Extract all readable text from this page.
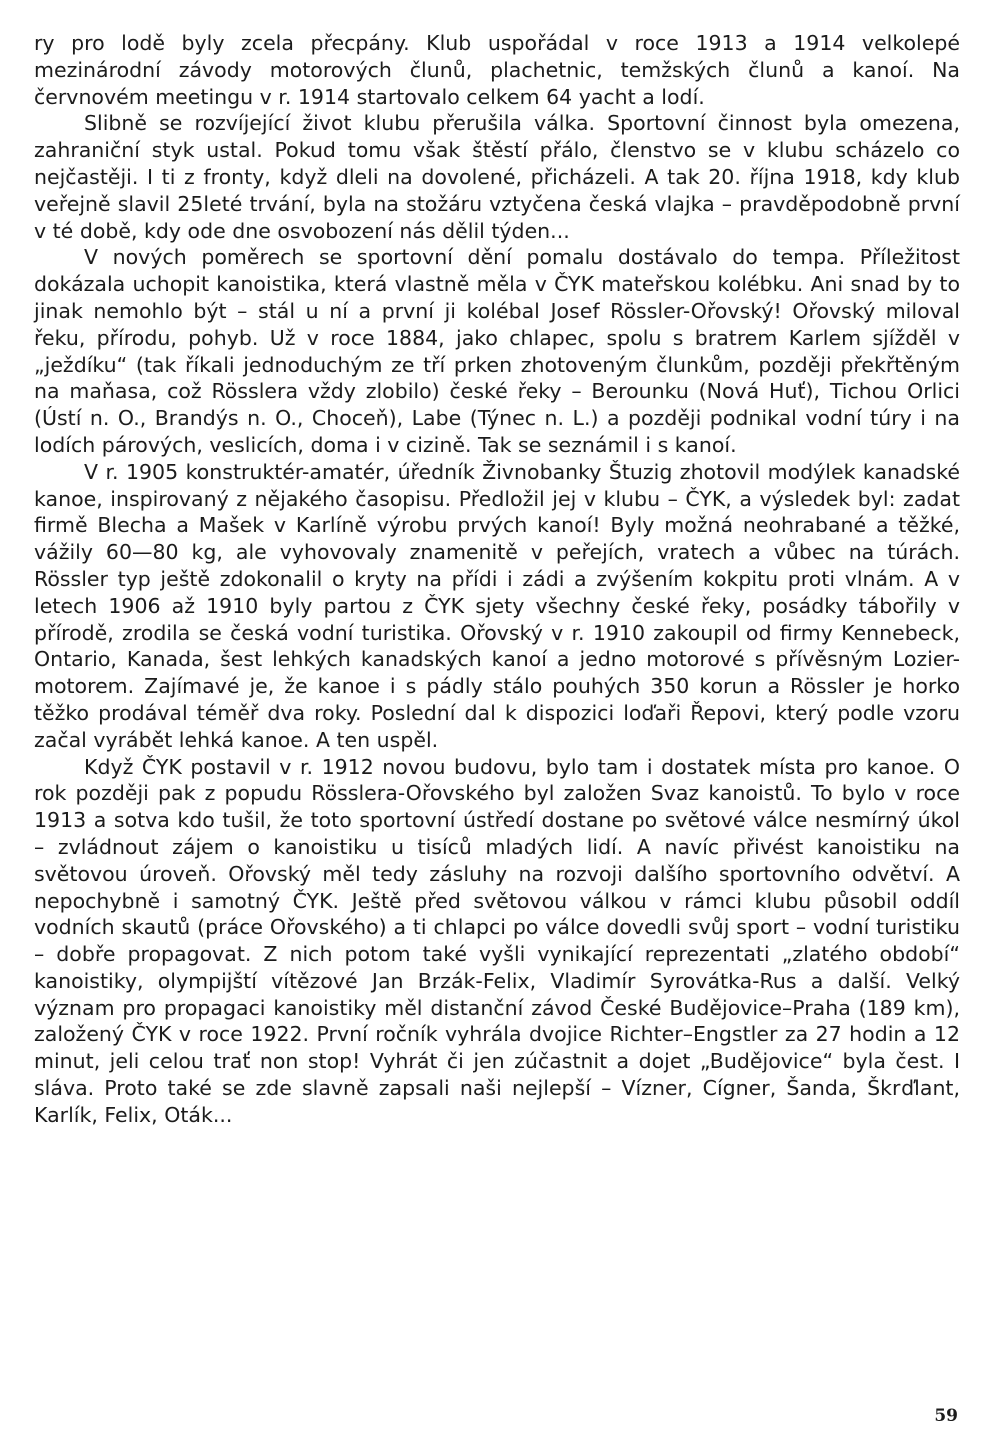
ry pro lodě byly zcela přecpány. Klub uspořádal v roce 1913 a 1914 velkolepé mezinárodní závody motorových člunů, plachetnic, temžských člunů a kanoí. Na červnovém meetingu v r. 1914 startovalo celkem 64 yacht a lodí.

Slibně se rozvíjející život klubu přerušila válka. Sportovní činnost byla omezena, zahraniční styk ustal. Pokud tomu však štěstí přálo, členstvo se v klubu scházelo co nejčastěji. I ti z fronty, když dleli na dovolené, přicházeli. A tak 20. října 1918, kdy klub veřejně slavil 25leté trvání, byla na stožáru vztyčena česká vlajka – pravděpodobně první v té době, kdy ode dne osvobození nás dělil týden...

V nových poměrech se sportovní dění pomalu dostávalo do tempa. Příležitost dokázala uchopit kanoistika, která vlastně měla v ČYK mateřskou kolébku. Ani snad by to jinak nemohlo být – stál u ní a první ji kolébal Josef Rössler-Ořovský! Ořovský miloval řeku, přírodu, pohyb. Už v roce 1884, jako chlapec, spolu s bratrem Karlem sjížděl v „ježdíku“ (tak říkali jednoduchým ze tří prken zhotoveným člunkům, později překřtěným na maňasa, což Rösslera vždy zlobilo) české řeky – Berounku (Nová Huť), Tichou Orlici (Ústí n. O., Brandýs n. O., Choceň), Labe (Týnec n. L.) a později podnikal vodní túry i na lodích párových, veslicích, doma i v cizině. Tak se seznámil i s kanoí.

V r. 1905 konstruktér-amatér, úředník Živnobanky Štuzig zhotovil modýlek kanadské kanoe, inspirovaný z nějakého časopisu. Předložil jej v klubu – ČYK, a výsledek byl: zadat firmě Blecha a Mašek v Karlíně výrobu prvých kanoí! Byly možná neohrabané a těžké, vážily 60—80 kg, ale vyhovovaly znamenitě v peřejích, vratech a vůbec na túrách. Rössler typ ještě zdokonalil o kryty na přídi i zádi a zvýšením kokpitu proti vlnám. A v letech 1906 až 1910 byly partou z ČYK sjety všechny české řeky, posádky tábořily v přírodě, zrodila se česká vodní turistika. Ořovský v r. 1910 zakoupil od firmy Kennebeck, Ontario, Kanada, šest lehkých kanadských kanoí a jedno motorové s přívěsným Lozier-motorem. Zajímavé je, že kanoe i s pádly stálo pouhých 350 korun a Rössler je horko těžko prodával téměř dva roky. Poslední dal k dispozici loďaři Řepovi, který podle vzoru začal vyrábět lehká kanoe. A ten uspěl.

Když ČYK postavil v r. 1912 novou budovu, bylo tam i dostatek místa pro kanoe. O rok později pak z popudu Rösslera-Ořovského byl založen Svaz kanoistů. To bylo v roce 1913 a sotva kdo tušil, že toto sportovní ústředí dostane po světové válce nesmírný úkol – zvládnout zájem o kanoistiku u tisíců mladých lidí. A navíc přivést kanoistiku na světovou úroveň. Ořovský měl tedy zásluhy na rozvoji dalšího sportovního odvětví. A nepochybně i samotný ČYK. Ještě před světovou válkou v rámci klubu působil oddíl vodních skautů (práce Ořovského) a ti chlapci po válce dovedli svůj sport – vodní turistiku – dobře propagovat. Z nich potom také vyšli vynikající reprezentati „zlatého období“ kanoistiky, olympijští vítězové Jan Brzák-Felix, Vladimír Syrovátka-Rus a další. Velký význam pro propagaci kanoistiky měl distanční závod České Budějovice–Praha (189 km), založený ČYK v roce 1922. První ročník vyhrála dvojice Richter–Engstler za 27 hodin a 12 minut, jeli celou trať non stop! Vyhrát či jen zúčastnit a dojet „Budějovice“ byla čest. I sláva. Proto také se zde slavně zapsali naši nejlepší – Vízner, Cígner, Šanda, Škrďlant, Karlík, Felix, Oták...

59
